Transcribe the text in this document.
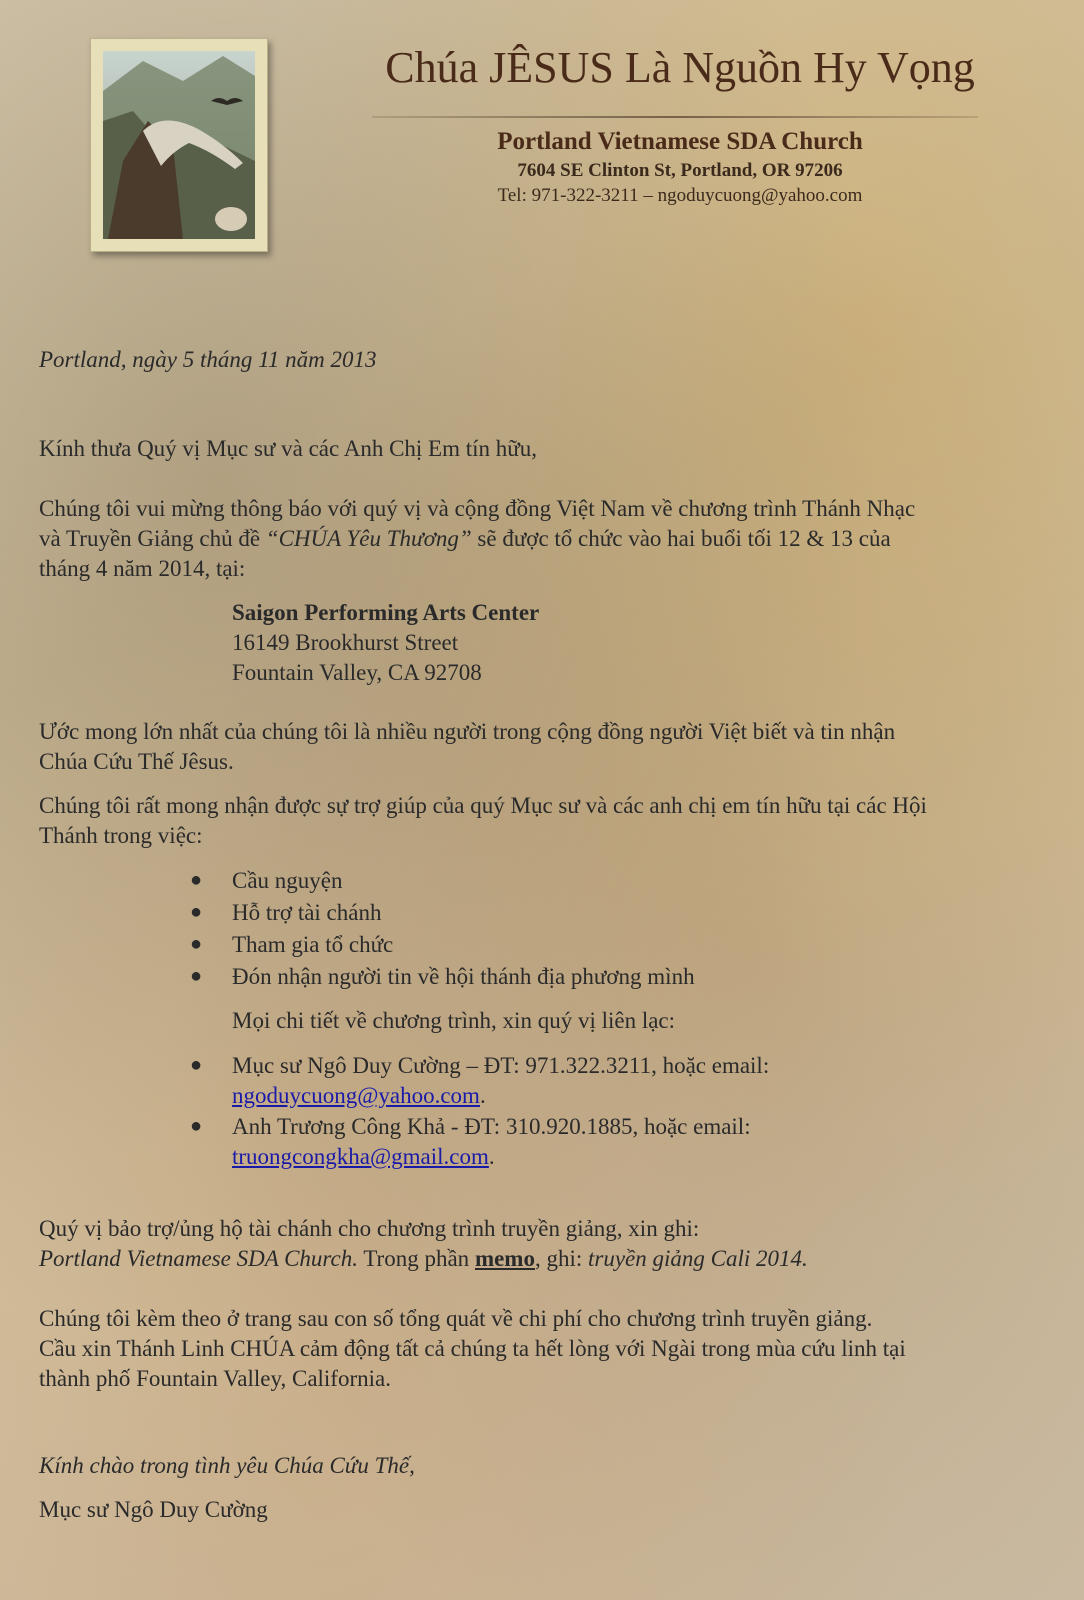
Chúa JÊSUS Là Nguồn Hy Vọng
Portland Vietnamese SDA Church
7604 SE Clinton St, Portland, OR 97206
Tel: 971-322-3211 – ngoduycuong@yahoo.com

Portland, ngày 5 tháng 11 năm 2013

Kính thưa Quý vị Mục sư và các Anh Chị Em tín hữu,

Chúng tôi vui mừng thông báo với quý vị và cộng đồng Việt Nam về chương trình Thánh Nhạc

và Truyền Giảng chủ đề “CHÚA Yêu Thương” sẽ được tổ chức vào hai buổi tối 12 & 13 của

tháng 4 năm 2014, tại:

Saigon Performing Arts Center
16149 Brookhurst Street
Fountain Valley, CA 92708

Ước mong lớn nhất của chúng tôi là nhiều người trong cộng đồng người Việt biết và tin nhận

Chúa Cứu Thế Jêsus.

Chúng tôi rất mong nhận được sự trợ giúp của quý Mục sư và các anh chị em tín hữu tại các Hội

Thánh trong việc:

● Cầu nguyện
● Hỗ trợ tài chánh
● Tham gia tổ chức
● Đón nhận người tin về hội thánh địa phương mình
Mọi chi tiết về chương trình, xin quý vị liên lạc:
● Mục sư Ngô Duy Cường – ĐT: 971.322.3211, hoặc email:
ngoduycuong@yahoo.com.
● Anh Trương Công Khả - ĐT: 310.920.1885, hoặc email:
truongcongkha@gmail.com.

Quý vị bảo trợ/ủng hộ tài chánh cho chương trình truyền giảng, xin ghi:

Portland Vietnamese SDA Church. Trong phần memo, ghi: truyền giảng Cali 2014.

Chúng tôi kèm theo ở trang sau con số tổng quát về chi phí cho chương trình truyền giảng.

Cầu xin Thánh Linh CHÚA cảm động tất cả chúng ta hết lòng với Ngài trong mùa cứu linh tại

thành phố Fountain Valley, California.

Kính chào trong tình yêu Chúa Cứu Thế,

Mục sư Ngô Duy Cường
